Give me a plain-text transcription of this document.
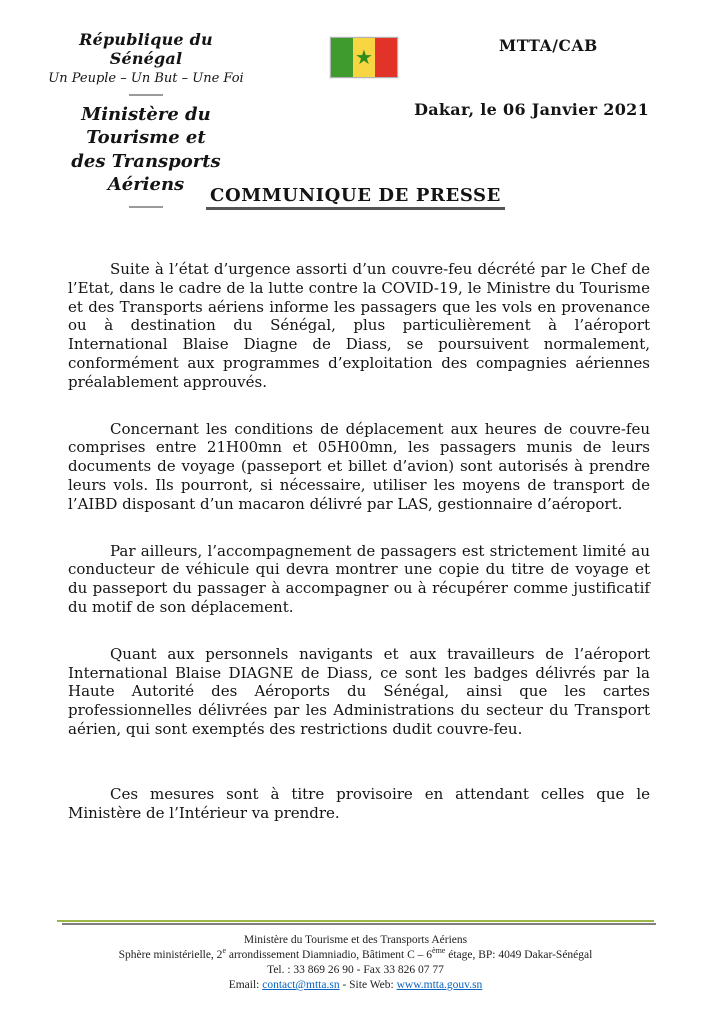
République du Sénégal
Un Peuple – Un But – Une Foi
Ministère du Tourisme et
des Transports Aériens
★	MTTA/CAB
Dakar, le 06 Janvier 2021
COMMUNIQUE DE PRESSE

Suite à l’état d’urgence assorti d’un couvre-feu décrété par le Chef de l’Etat, dans le cadre de la lutte contre la COVID-19, le Ministre du Tourisme et des Transports aériens informe les passagers que les vols en provenance ou à destination du Sénégal, plus particulièrement à l’aéroport International Blaise Diagne de Diass, se poursuivent normalement, conformément aux programmes d’exploitation des compagnies aériennes préalablement approuvés.

Concernant les conditions de déplacement aux heures de couvre-feu comprises entre 21H00mn et 05H00mn, les passagers munis de leurs documents de voyage (passeport et billet d’avion) sont autorisés à prendre leurs vols. Ils pourront, si nécessaire, utiliser les moyens de transport de l’AIBD disposant d’un macaron délivré par LAS, gestionnaire d’aéroport.

Par ailleurs, l’accompagnement de passagers est strictement limité au conducteur de véhicule qui devra montrer une copie du titre de voyage et du passeport du passager à accompagner ou à récupérer comme justificatif du motif de son déplacement.

Quant aux personnels navigants et aux travailleurs de l’aéroport International Blaise DIAGNE de Diass, ce sont les badges délivrés par la Haute Autorité des Aéroports du Sénégal, ainsi que les cartes professionnelles délivrées par les Administrations du secteur du Transport aérien, qui sont exemptés des restrictions dudit couvre-feu.

Ces mesures sont à titre provisoire en attendant celles que le Ministère de l’Intérieur va prendre.

Ministère du Tourisme et des Transports Aériens
Sphère ministérielle, 2e arrondissement Diamniadio, Bâtiment C – 6ème étage, BP: 4049 Dakar-Sénégal
Tel. : 33 869 26 90 - Fax 33 826 07 77
Email: contact@mtta.sn - Site Web: www.mtta.gouv.sn
